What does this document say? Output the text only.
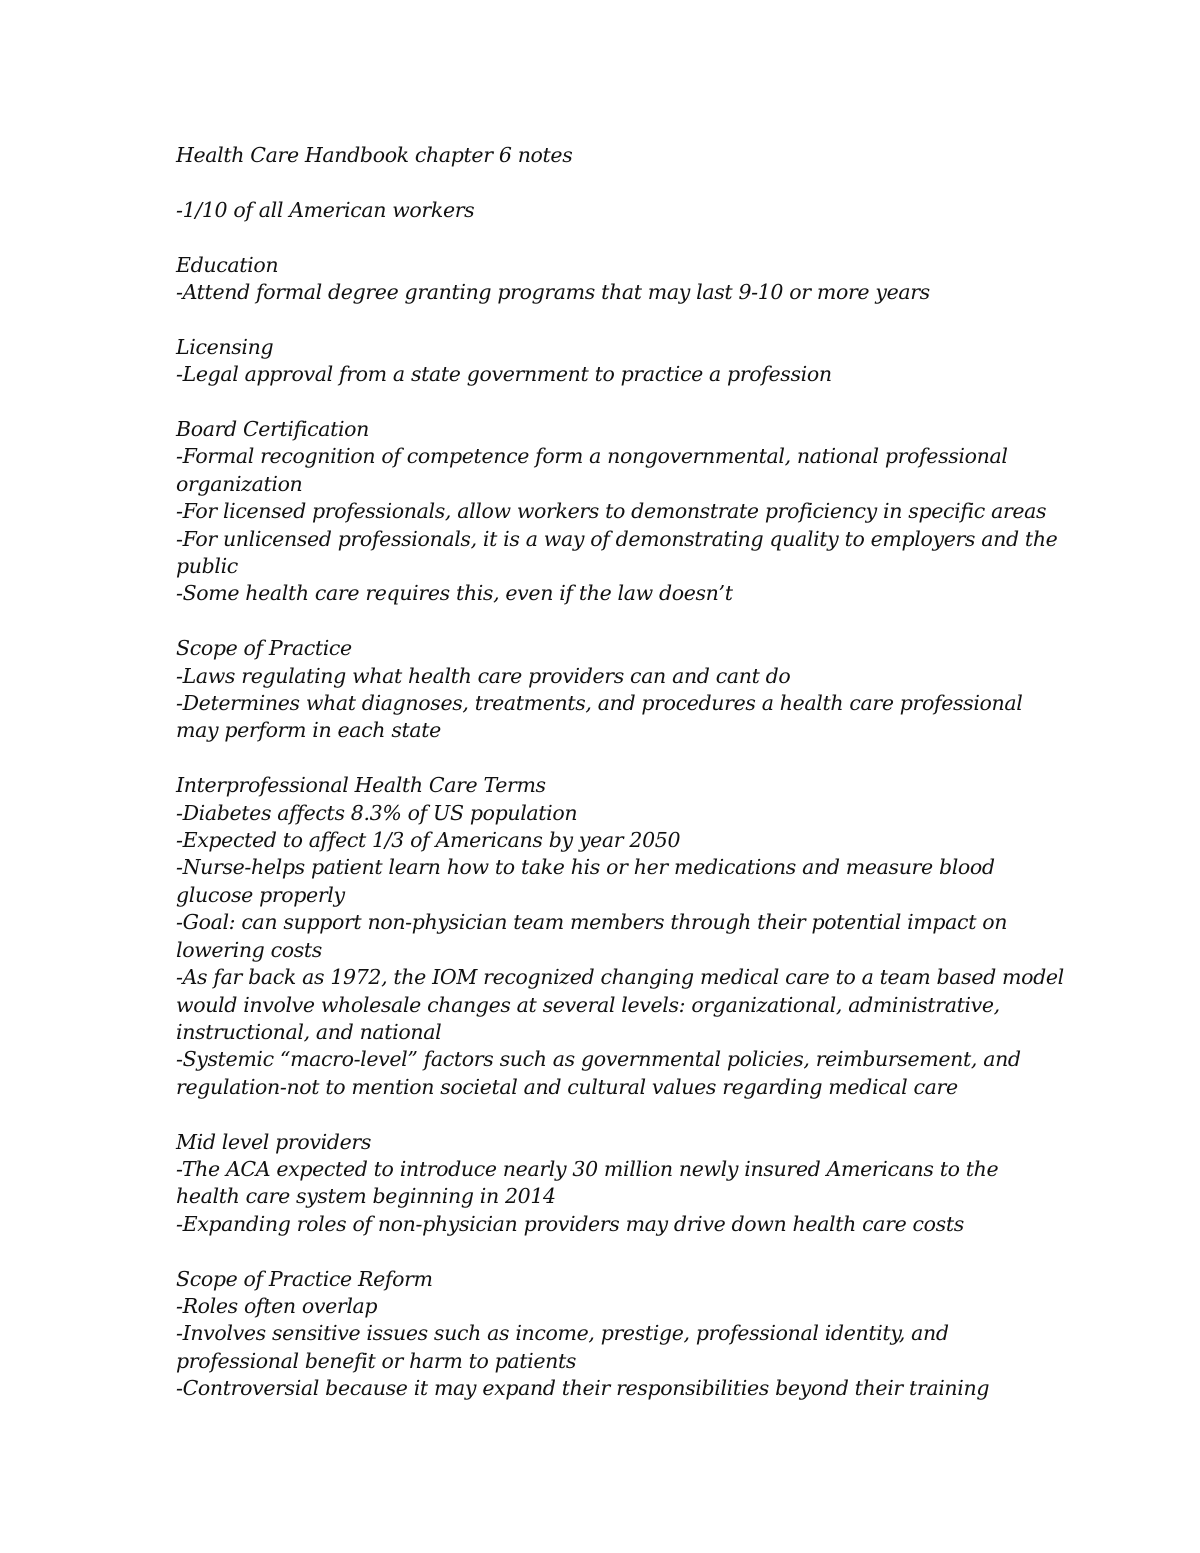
Health Care Handbook chapter 6 notes
-1/10 of all American workers
Education
-Attend formal degree granting programs that may last 9-10 or more years
Licensing
-Legal approval from a state government to practice a profession
Board Certification
-Formal recognition of competence form a nongovernmental, national professional
organization
-For licensed professionals, allow workers to demonstrate proficiency in specific areas
-For unlicensed professionals, it is a way of demonstrating quality to employers and the
public
-Some health care requires this, even if the law doesn’t
Scope of Practice
-Laws regulating what health care providers can and cant do
-Determines what diagnoses, treatments, and procedures a health care professional
may perform in each state
Interprofessional Health Care Terms
-Diabetes affects 8.3% of US population
-Expected to affect 1/3 of Americans by year 2050
-Nurse-helps patient learn how to take his or her medications and measure blood
glucose properly
-Goal: can support non-physician team members through their potential impact on
lowering costs
-As far back as 1972, the IOM recognized changing medical care to a team based model
would involve wholesale changes at several levels: organizational, administrative,
instructional, and national
-Systemic “macro-level” factors such as governmental policies, reimbursement, and
regulation-not to mention societal and cultural values regarding medical care
Mid level providers
-The ACA expected to introduce nearly 30 million newly insured Americans to the
health care system beginning in 2014
-Expanding roles of non-physician providers may drive down health care costs
Scope of Practice Reform
-Roles often overlap
-Involves sensitive issues such as income, prestige, professional identity, and
professional benefit or harm to patients
-Controversial because it may expand their responsibilities beyond their training
